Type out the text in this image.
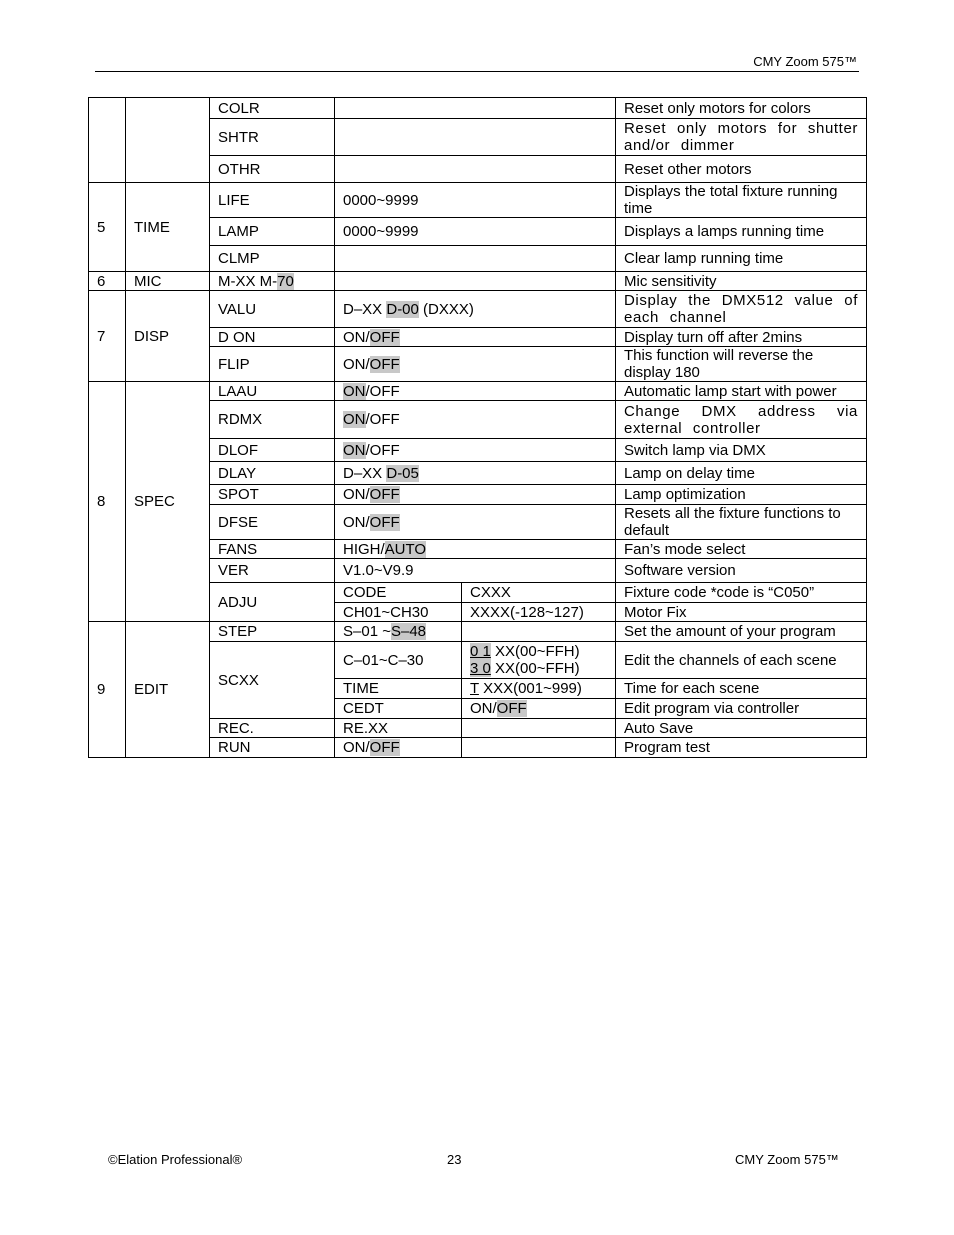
CMY Zoom 575™
		COLR			Reset only motors for colors
		SHTR			Reset only motors for shutter and/or dimmer
		OTHR			Reset other motors
5	TIME	LIFE	0000~9999		Displays the total fixture running time
		LAMP	0000~9999		Displays a lamps running time
		CLMP			Clear lamp running time
6	MIC	M-XX M-70			Mic sensitivity
7	DISP	VALU	D–XX D-00 (DXXX)		Display the DMX512 value of each channel
		D ON	ON/OFF		Display turn off after 2mins
		FLIP	ON/OFF		This function will reverse the display 180
8	SPEC	LAAU	ON/OFF		Automatic lamp start with power
		RDMX	ON/OFF		Change DMX address via external controller
		DLOF	ON/OFF		Switch lamp via DMX
		DLAY	D–XX D-05		Lamp on delay time
		SPOT	ON/OFF		Lamp optimization
		DFSE	ON/OFF		Resets all the fixture functions to default
		FANS	HIGH/AUTO		Fan’s mode select
		VER	V1.0~V9.9		Software version
		ADJU	CODE	CXXX	Fixture code *code is “C050”
			CH01~CH30	XXXX(-128~127)	Motor Fix
9	EDIT	STEP	S–01 ~S–48		Set the amount of your program
		SCXX	C–01~C–30	0 1 XX(00~FFH)
3 0 XX(00~FFH)	Edit the channels of each scene
			TIME	T XXX(001~999)	Time for each scene
			CEDT	ON/OFF	Edit program via controller
		REC.	RE.XX		Auto Save
		RUN	ON/OFF		Program test
©Elation Professional®	23	CMY Zoom 575™
